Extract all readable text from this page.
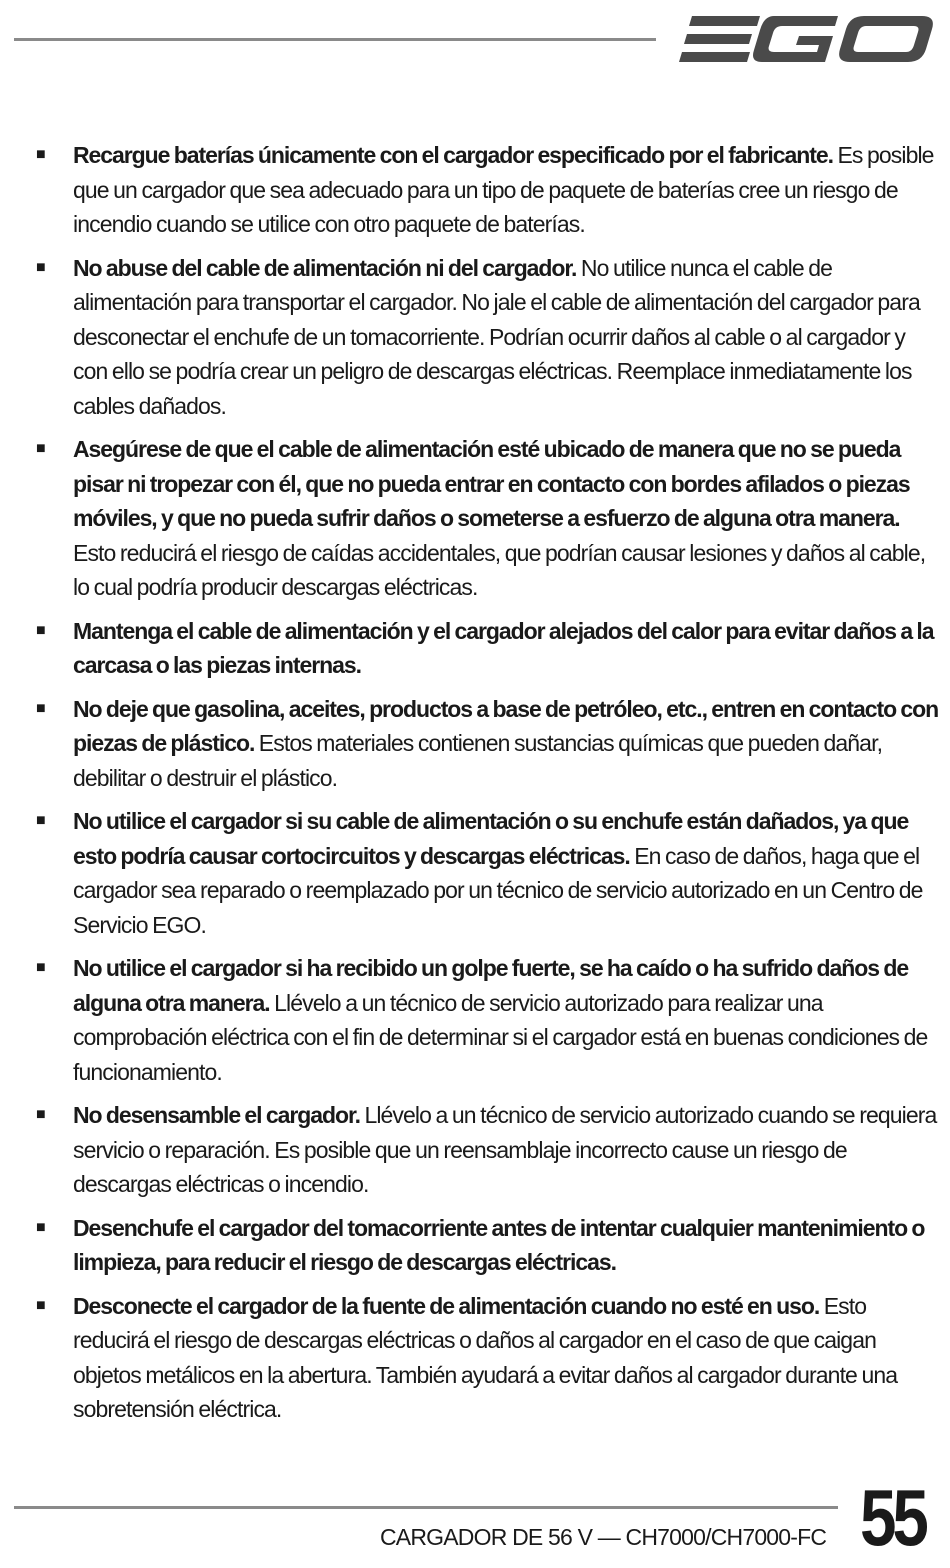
■	Recargue baterías únicamente con el cargador especificado por el fabricante. Es posible que un cargador que sea adecuado para un tipo de paquete de baterías cree un riesgo de incendio cuando se utilice con otro paquete de baterías.
■	No abuse del cable de alimentación ni del cargador. No utilice nunca el cable de alimentación para transportar el cargador. No jale el cable de alimentación del cargador para desconectar el enchufe de un tomacorriente. Podrían ocurrir daños al cable o al cargador y con ello se podría crear un peligro de descargas eléctricas. Reemplace inmediatamente los cables dañados.
■	Asegúrese de que el cable de alimentación esté ubicado de manera que no se pueda pisar ni tropezar con él, que no pueda entrar en contacto con bordes afilados o piezas móviles, y que no pueda sufrir daños o someterse a esfuerzo de alguna otra manera. Esto reducirá el riesgo de caídas accidentales, que podrían causar lesiones y daños al cable, lo cual podría producir descargas eléctricas.
■	Mantenga el cable de alimentación y el cargador alejados del calor para evitar daños a la carcasa o las piezas internas.
■	No deje que gasolina, aceites, productos a base de petróleo, etc., entren en contacto con piezas de plástico. Estos materiales contienen sustancias químicas que pueden dañar, debilitar o destruir el plástico.
■	No utilice el cargador si su cable de alimentación o su enchufe están dañados, ya que esto podría causar cortocircuitos y descargas eléctricas. En caso de daños, haga que el cargador sea reparado o reemplazado por un técnico de servicio autorizado en un Centro de Servicio EGO.
■	No utilice el cargador si ha recibido un golpe fuerte, se ha caído o ha sufrido daños de alguna otra manera. Llévelo a un técnico de servicio autorizado para realizar una comprobación eléctrica con el fin de determinar si el cargador está en buenas condiciones de funcionamiento.
■	No desensamble el cargador. Llévelo a un técnico de servicio autorizado cuando se requiera servicio o reparación. Es posible que un reensamblaje incorrecto cause un riesgo de descargas eléctricas o incendio.
■	Desenchufe el cargador del tomacorriente antes de intentar cualquier mantenimiento o limpieza, para reducir el riesgo de descargas eléctricas.
■	Desconecte el cargador de la fuente de alimentación cuando no esté en uso. Esto reducirá el riesgo de descargas eléctricas o daños al cargador en el caso de que caigan objetos metálicos en la abertura. También ayudará a evitar daños al cargador durante una sobretensión eléctrica.
CARGADOR DE 56 V — CH7000/CH7000-FC 55
